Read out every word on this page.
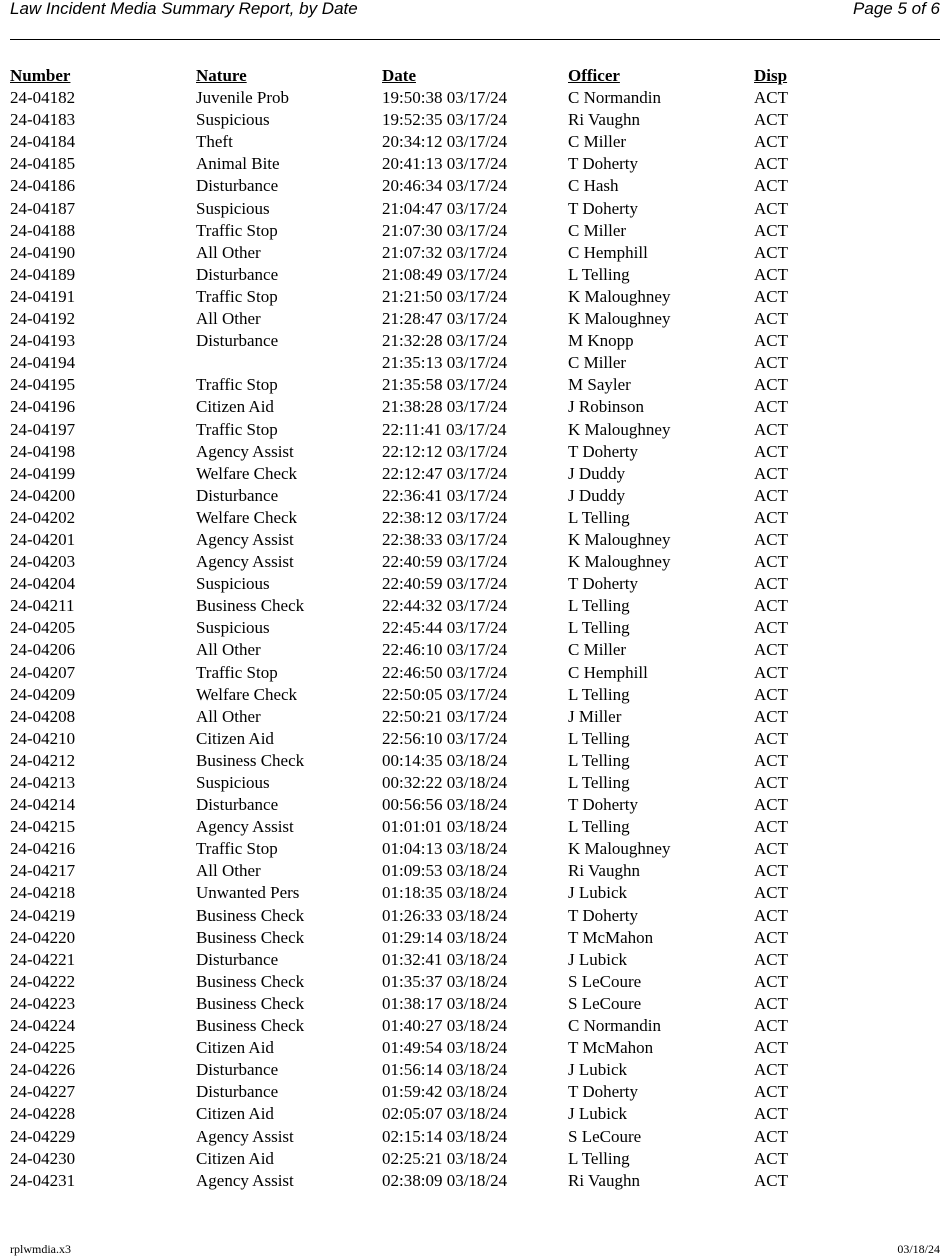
Law Incident Media Summary Report, by Date	Page 5 of 6
Number	Nature	Date	Officer	Disp
24-04182	Juvenile Prob	19:50:38 03/17/24	C Normandin	ACT
24-04183	Suspicious	19:52:35 03/17/24	Ri Vaughn	ACT
24-04184	Theft	20:34:12 03/17/24	C Miller	ACT
24-04185	Animal Bite	20:41:13 03/17/24	T Doherty	ACT
24-04186	Disturbance	20:46:34 03/17/24	C Hash	ACT
24-04187	Suspicious	21:04:47 03/17/24	T Doherty	ACT
24-04188	Traffic Stop	21:07:30 03/17/24	C Miller	ACT
24-04190	All Other	21:07:32 03/17/24	C Hemphill	ACT
24-04189	Disturbance	21:08:49 03/17/24	L Telling	ACT
24-04191	Traffic Stop	21:21:50 03/17/24	K Maloughney	ACT
24-04192	All Other	21:28:47 03/17/24	K Maloughney	ACT
24-04193	Disturbance	21:32:28 03/17/24	M Knopp	ACT
24-04194		21:35:13 03/17/24	C Miller	ACT
24-04195	Traffic Stop	21:35:58 03/17/24	M Sayler	ACT
24-04196	Citizen Aid	21:38:28 03/17/24	J Robinson	ACT
24-04197	Traffic Stop	22:11:41 03/17/24	K Maloughney	ACT
24-04198	Agency Assist	22:12:12 03/17/24	T Doherty	ACT
24-04199	Welfare Check	22:12:47 03/17/24	J Duddy	ACT
24-04200	Disturbance	22:36:41 03/17/24	J Duddy	ACT
24-04202	Welfare Check	22:38:12 03/17/24	L Telling	ACT
24-04201	Agency Assist	22:38:33 03/17/24	K Maloughney	ACT
24-04203	Agency Assist	22:40:59 03/17/24	K Maloughney	ACT
24-04204	Suspicious	22:40:59 03/17/24	T Doherty	ACT
24-04211	Business Check	22:44:32 03/17/24	L Telling	ACT
24-04205	Suspicious	22:45:44 03/17/24	L Telling	ACT
24-04206	All Other	22:46:10 03/17/24	C Miller	ACT
24-04207	Traffic Stop	22:46:50 03/17/24	C Hemphill	ACT
24-04209	Welfare Check	22:50:05 03/17/24	L Telling	ACT
24-04208	All Other	22:50:21 03/17/24	J Miller	ACT
24-04210	Citizen Aid	22:56:10 03/17/24	L Telling	ACT
24-04212	Business Check	00:14:35 03/18/24	L Telling	ACT
24-04213	Suspicious	00:32:22 03/18/24	L Telling	ACT
24-04214	Disturbance	00:56:56 03/18/24	T Doherty	ACT
24-04215	Agency Assist	01:01:01 03/18/24	L Telling	ACT
24-04216	Traffic Stop	01:04:13 03/18/24	K Maloughney	ACT
24-04217	All Other	01:09:53 03/18/24	Ri Vaughn	ACT
24-04218	Unwanted Pers	01:18:35 03/18/24	J Lubick	ACT
24-04219	Business Check	01:26:33 03/18/24	T Doherty	ACT
24-04220	Business Check	01:29:14 03/18/24	T McMahon	ACT
24-04221	Disturbance	01:32:41 03/18/24	J Lubick	ACT
24-04222	Business Check	01:35:37 03/18/24	S LeCoure	ACT
24-04223	Business Check	01:38:17 03/18/24	S LeCoure	ACT
24-04224	Business Check	01:40:27 03/18/24	C Normandin	ACT
24-04225	Citizen Aid	01:49:54 03/18/24	T McMahon	ACT
24-04226	Disturbance	01:56:14 03/18/24	J Lubick	ACT
24-04227	Disturbance	01:59:42 03/18/24	T Doherty	ACT
24-04228	Citizen Aid	02:05:07 03/18/24	J Lubick	ACT
24-04229	Agency Assist	02:15:14 03/18/24	S LeCoure	ACT
24-04230	Citizen Aid	02:25:21 03/18/24	L Telling	ACT
24-04231	Agency Assist	02:38:09 03/18/24	Ri Vaughn	ACT
rplwmdia.x3	03/18/24
